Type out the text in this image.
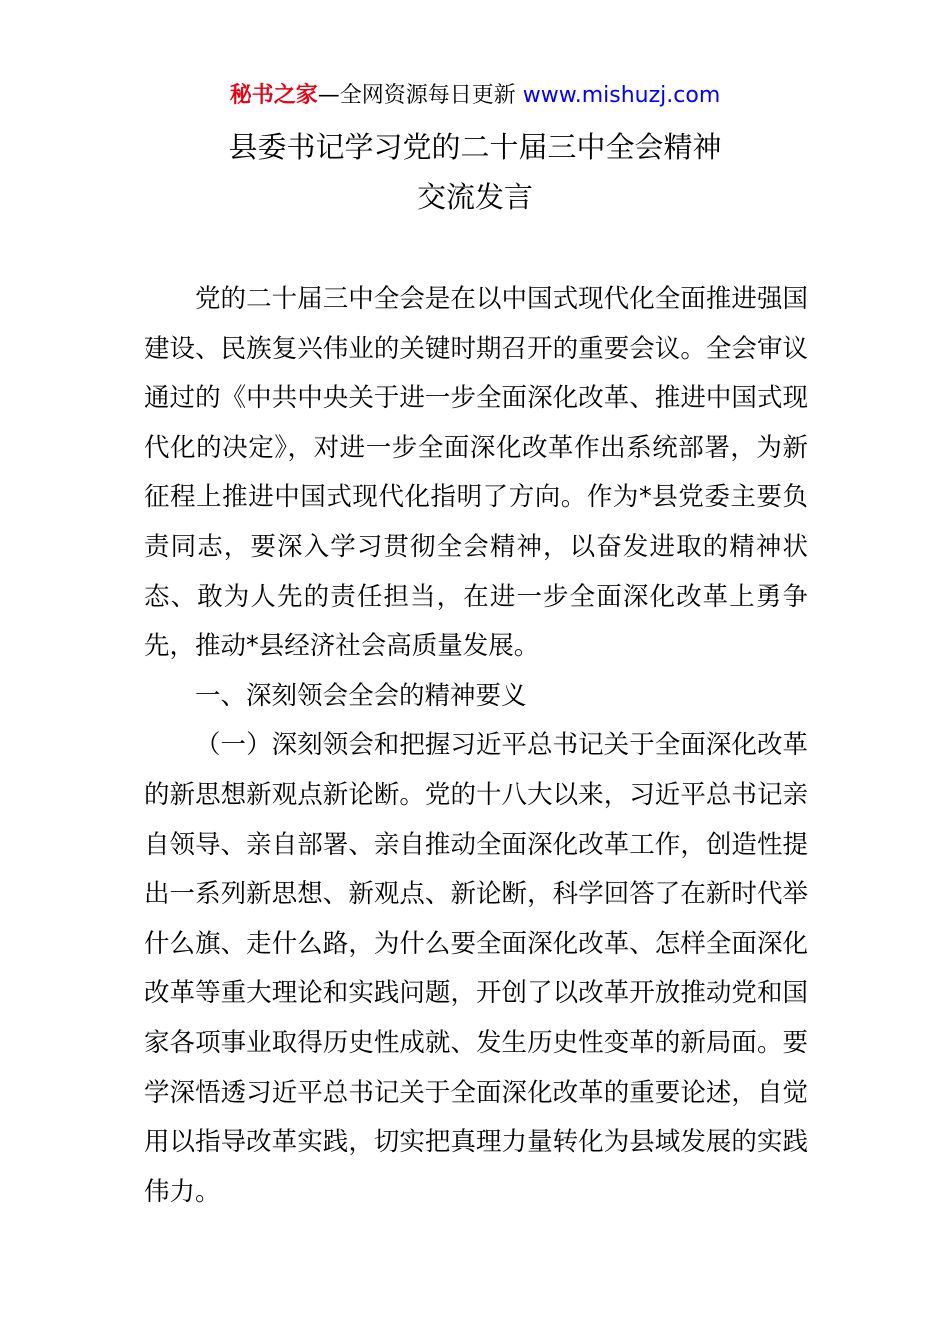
秘书之家—全网资源每日更新 www.mishuzj.com
县委书记学习党的二十届三中全会精神
交流发言

党的二十届三中全会是在以中国式现代化全面推进强国建设、民族复兴伟业的关键时期召开的重要会议。全会审议通过的《中共中央关于进一步全面深化改革、推进中国式现代化的决定》，对进一步全面深化改革作出系统部署，为新征程上推进中国式现代化指明了方向。作为*县党委主要负责同志，要深入学习贯彻全会精神，以奋发进取的精神状态、敢为人先的责任担当，在进一步全面深化改革上勇争先，推动*县经济社会高质量发展。

一、深刻领会全会的精神要义

（一）深刻领会和把握习近平总书记关于全面深化改革的新思想新观点新论断。党的十八大以来，习近平总书记亲自领导、亲自部署、亲自推动全面深化改革工作，创造性提出一系列新思想、新观点、新论断，科学回答了在新时代举什么旗、走什么路，为什么要全面深化改革、怎样全面深化改革等重大理论和实践问题，开创了以改革开放推动党和国家各项事业取得历史性成就、发生历史性变革的新局面。要学深悟透习近平总书记关于全面深化改革的重要论述，自觉用以指导改革实践，切实把真理力量转化为县域发展的实践伟力。
